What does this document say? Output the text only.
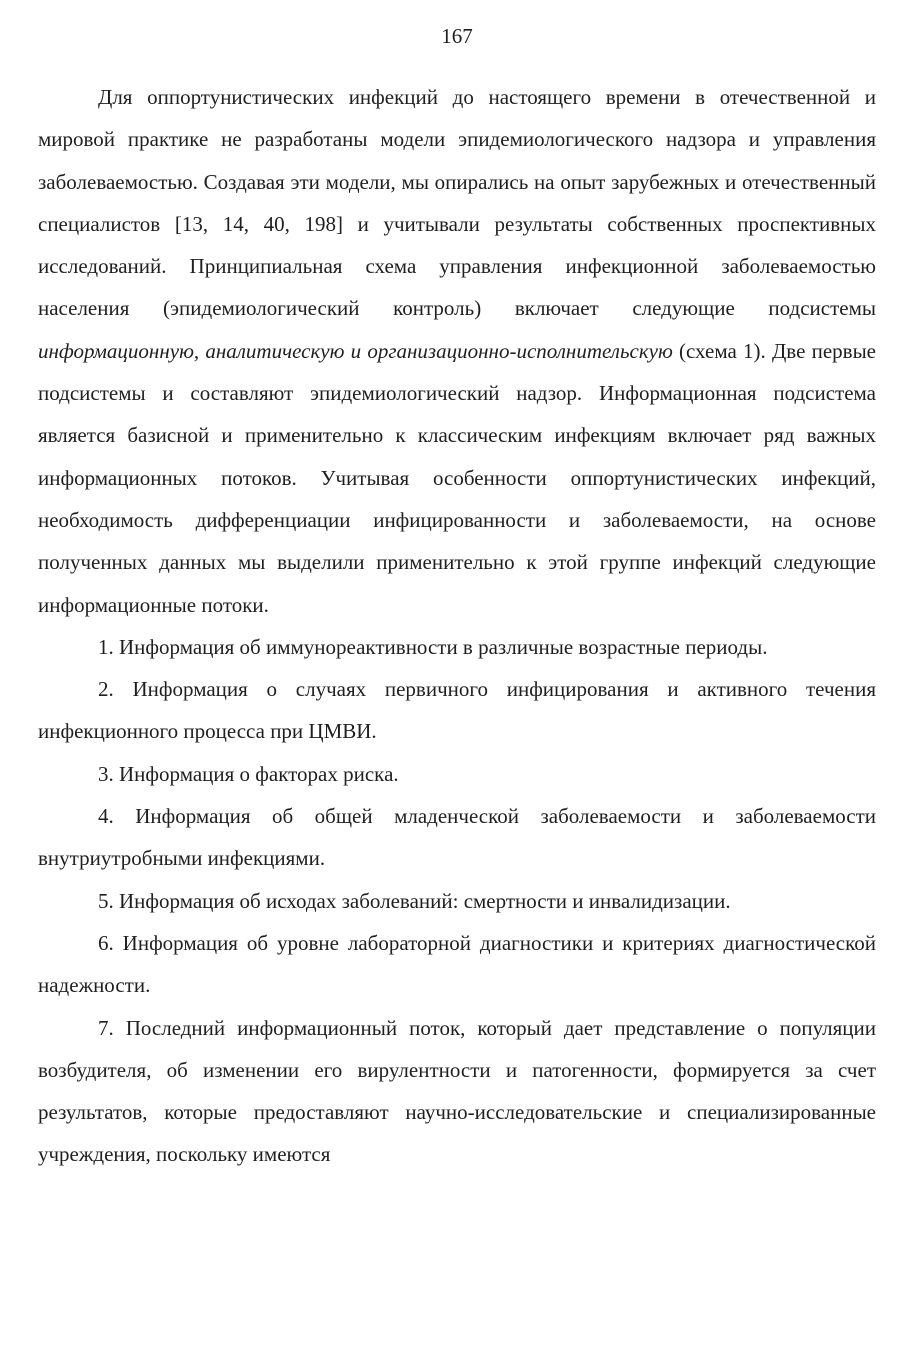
167

Для оппортунистических инфекций до настоящего времени в отечественной и мировой практике не разработаны модели эпидемиологического надзора и управления заболеваемостью. Создавая эти модели, мы опирались на опыт зарубежных и отечественный специалистов [13, 14, 40, 198] и учитывали результаты собственных проспективных исследований. Принципиальная схема управления инфекционной заболеваемостью населения (эпидемиологический контроль) включает следующие подсистемы информационную, аналитическую и организационно-исполнительскую (схема 1). Две первые подсистемы и составляют эпидемиологический надзор. Информационная подсистема является базисной и применительно к классическим инфекциям включает ряд важных информационных потоков. Учитывая особенности оппортунистических инфекций, необходимость дифференциации инфицированности и заболеваемости, на основе полученных данных мы выделили применительно к этой группе инфекций следующие информационные потоки.

1. Информация об иммунореактивности в различные возрастные периоды.

2. Информация о случаях первичного инфицирования и активного течения инфекционного процесса при ЦМВИ.

3. Информация о факторах риска.

4. Информация об общей младенческой заболеваемости и заболеваемости внутриутробными инфекциями.

5. Информация об исходах заболеваний: смертности и инвалидизации.

6. Информация об уровне лабораторной диагностики и критериях диагностической надежности.

7. Последний информационный поток, который дает представление о популяции возбудителя, об изменении его вирулентности и патогенности, формируется за счет результатов, которые предоставляют научно-исследовательские и специализированные учреждения, поскольку имеются
